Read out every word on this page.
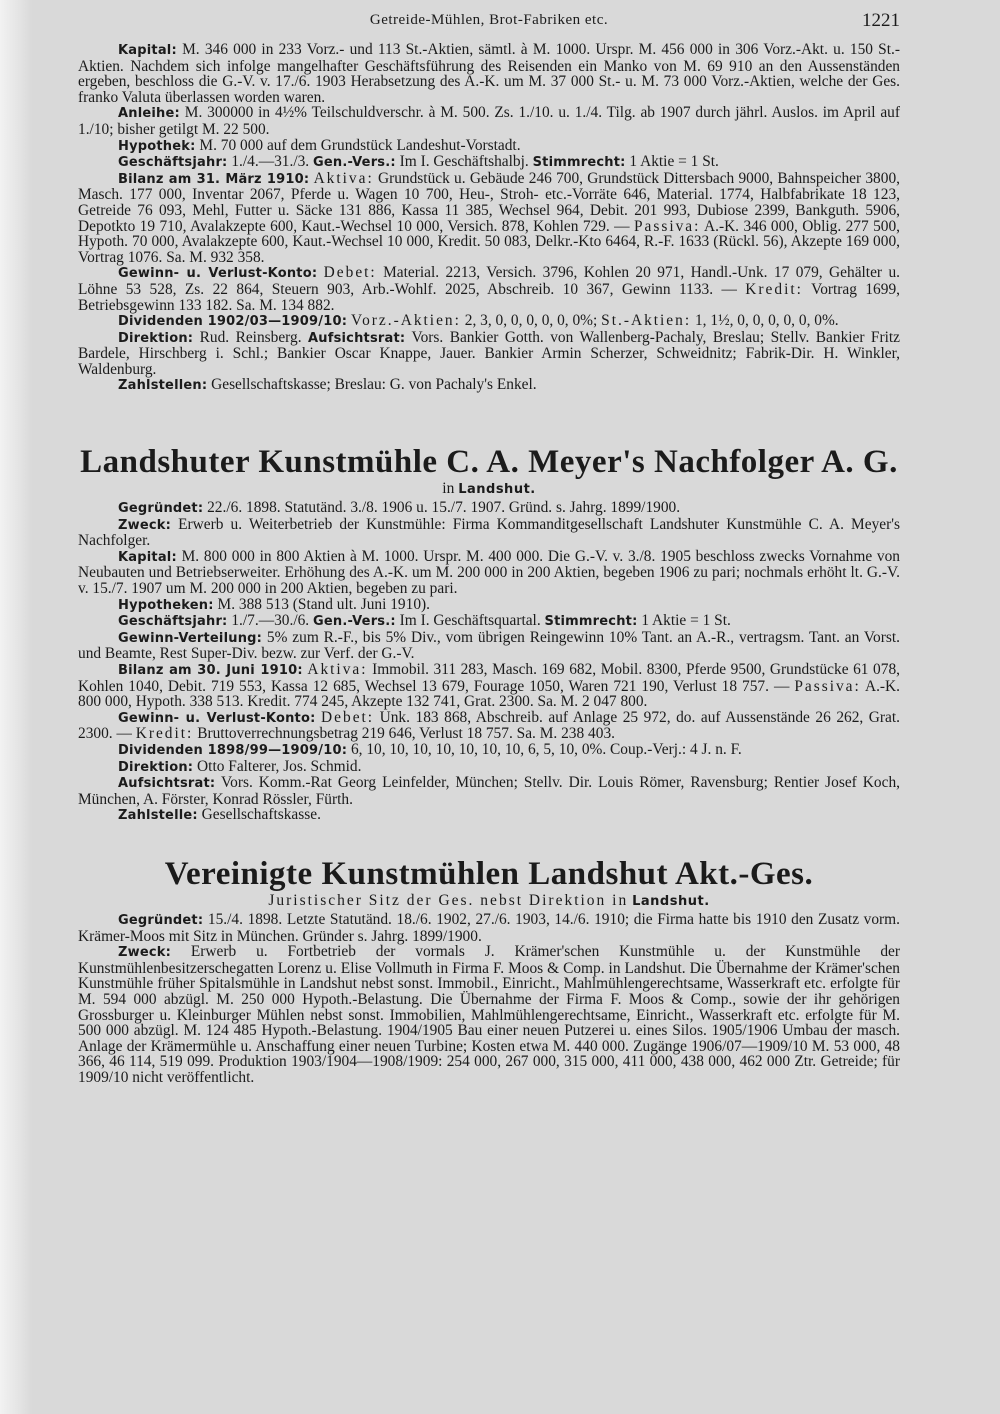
Getreide-Mühlen, Brot-Fabriken etc.	1221

Kapital: M. 346 000 in 233 Vorz.- und 113 St.-Aktien, sämtl. à M. 1000. Urspr. M. 456 000 in 306 Vorz.-Akt. u. 150 St.-Aktien. Nachdem sich infolge mangelhafter Geschäftsführung des Reisenden ein Manko von M. 69 910 an den Aussenständen ergeben, beschloss die G.-V. v. 17./6. 1903 Herabsetzung des A.-K. um M. 37 000 St.- u. M. 73 000 Vorz.-Aktien, welche der Ges. franko Valuta überlassen worden waren.

Anleihe: M. 300000 in 4½% Teilschuldverschr. à M. 500. Zs. 1./10. u. 1./4. Tilg. ab 1907 durch jährl. Auslos. im April auf 1./10; bisher getilgt M. 22 500.

Hypothek: M. 70 000 auf dem Grundstück Landeshut-Vorstadt.

Geschäftsjahr: 1./4.—31./3. Gen.-Vers.: Im I. Geschäftshalbj. Stimmrecht: 1 Aktie = 1 St.

Bilanz am 31. März 1910: Aktiva: Grundstück u. Gebäude 246 700, Grundstück Dittersbach 9000, Bahnspeicher 3800, Masch. 177 000, Inventar 2067, Pferde u. Wagen 10 700, Heu-, Stroh- etc.-Vorräte 646, Material. 1774, Halbfabrikate 18 123, Getreide 76 093, Mehl, Futter u. Säcke 131 886, Kassa 11 385, Wechsel 964, Debit. 201 993, Dubiose 2399, Bankguth. 5906, Depotkto 19 710, Avalakzepte 600, Kaut.-Wechsel 10 000, Versich. 878, Kohlen 729. — Passiva: A.-K. 346 000, Oblig. 277 500, Hypoth. 70 000, Avalakzepte 600, Kaut.-Wechsel 10 000, Kredit. 50 083, Delkr.-Kto 6464, R.-F. 1633 (Rückl. 56), Akzepte 169 000, Vortrag 1076. Sa. M. 932 358.

Gewinn- u. Verlust-Konto: Debet: Material. 2213, Versich. 3796, Kohlen 20 971, Handl.-Unk. 17 079, Gehälter u. Löhne 53 528, Zs. 22 864, Steuern 903, Arb.-Wohlf. 2025, Abschreib. 10 367, Gewinn 1133. — Kredit: Vortrag 1699, Betriebsgewinn 133 182. Sa. M. 134 882.

Dividenden 1902/03—1909/10: Vorz.-Aktien: 2, 3, 0, 0, 0, 0, 0, 0%; St.-Aktien: 1, 1½, 0, 0, 0, 0, 0, 0%.

Direktion: Rud. Reinsberg. Aufsichtsrat: Vors. Bankier Gotth. von Wallenberg-Pachaly, Breslau; Stellv. Bankier Fritz Bardele, Hirschberg i. Schl.; Bankier Oscar Knappe, Jauer. Bankier Armin Scherzer, Schweidnitz; Fabrik-Dir. H. Winkler, Waldenburg.

Zahlstellen: Gesellschaftskasse; Breslau: G. von Pachaly's Enkel.

Landshuter Kunstmühle C. A. Meyer's Nachfolger A. G.

in Landshut.

Gegründet: 22./6. 1898. Statutänd. 3./8. 1906 u. 15./7. 1907. Gründ. s. Jahrg. 1899/1900.

Zweck: Erwerb u. Weiterbetrieb der Kunstmühle: Firma Kommanditgesellschaft Landshuter Kunstmühle C. A. Meyer's Nachfolger.

Kapital: M. 800 000 in 800 Aktien à M. 1000. Urspr. M. 400 000. Die G.-V. v. 3./8. 1905 beschloss zwecks Vornahme von Neubauten und Betriebserweiter. Erhöhung des A.-K. um M. 200 000 in 200 Aktien, begeben 1906 zu pari; nochmals erhöht lt. G.-V. v. 15./7. 1907 um M. 200 000 in 200 Aktien, begeben zu pari.

Hypotheken: M. 388 513 (Stand ult. Juni 1910).

Geschäftsjahr: 1./7.—30./6. Gen.-Vers.: Im I. Geschäftsquartal. Stimmrecht: 1 Aktie = 1 St.

Gewinn-Verteilung: 5% zum R.-F., bis 5% Div., vom übrigen Reingewinn 10% Tant. an A.-R., vertragsm. Tant. an Vorst. und Beamte, Rest Super-Div. bezw. zur Verf. der G.-V.

Bilanz am 30. Juni 1910: Aktiva: Immobil. 311 283, Masch. 169 682, Mobil. 8300, Pferde 9500, Grundstücke 61 078, Kohlen 1040, Debit. 719 553, Kassa 12 685, Wechsel 13 679, Fourage 1050, Waren 721 190, Verlust 18 757. — Passiva: A.-K. 800 000, Hypoth. 338 513. Kredit. 774 245, Akzepte 132 741, Grat. 2300. Sa. M. 2 047 800.

Gewinn- u. Verlust-Konto: Debet: Unk. 183 868, Abschreib. auf Anlage 25 972, do. auf Aussenstände 26 262, Grat. 2300. — Kredit: Bruttoverrechnungsbetrag 219 646, Verlust 18 757. Sa. M. 238 403.

Dividenden 1898/99—1909/10: 6, 10, 10, 10, 10, 10, 10, 10, 6, 5, 10, 0%. Coup.-Verj.: 4 J. n. F.

Direktion: Otto Falterer, Jos. Schmid.

Aufsichtsrat: Vors. Komm.-Rat Georg Leinfelder, München; Stellv. Dir. Louis Römer, Ravensburg; Rentier Josef Koch, München, A. Förster, Konrad Rössler, Fürth.

Zahlstelle: Gesellschaftskasse.

Vereinigte Kunstmühlen Landshut Akt.-Ges.

Juristischer Sitz der Ges. nebst Direktion in Landshut.

Gegründet: 15./4. 1898. Letzte Statutänd. 18./6. 1902, 27./6. 1903, 14./6. 1910; die Firma hatte bis 1910 den Zusatz vorm. Krämer-Moos mit Sitz in München. Gründer s. Jahrg. 1899/1900.

Zweck: Erwerb u. Fortbetrieb der vormals J. Krämer'schen Kunstmühle u. der Kunstmühle der Kunstmühlenbesitzerschegatten Lorenz u. Elise Vollmuth in Firma F. Moos & Comp. in Landshut. Die Übernahme der Krämer'schen Kunstmühle früher Spitalsmühle in Landshut nebst sonst. Immobil., Einricht., Mahlmühlengerechtsame, Wasserkraft etc. erfolgte für M. 594 000 abzügl. M. 250 000 Hypoth.-Belastung. Die Übernahme der Firma F. Moos & Comp., sowie der ihr gehörigen Grossburger u. Kleinburger Mühlen nebst sonst. Immobilien, Mahlmühlengerechtsame, Einricht., Wasserkraft etc. erfolgte für M. 500 000 abzügl. M. 124 485 Hypoth.-Belastung. 1904/1905 Bau einer neuen Putzerei u. eines Silos. 1905/1906 Umbau der masch. Anlage der Krämermühle u. Anschaffung einer neuen Turbine; Kosten etwa M. 440 000. Zugänge 1906/07—1909/10 M. 53 000, 48 366, 46 114, 519 099. Produktion 1903/1904—1908/1909: 254 000, 267 000, 315 000, 411 000, 438 000, 462 000 Ztr. Getreide; für 1909/10 nicht veröffentlicht.
